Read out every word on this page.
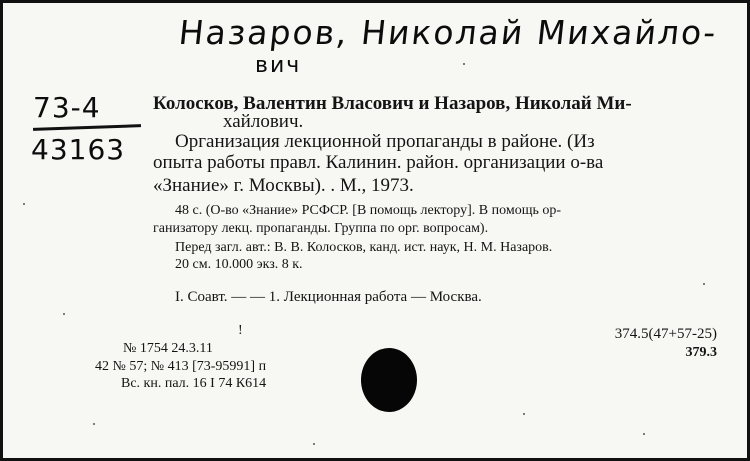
Назаров, Николай Михайло-
вич
73-4
43163
Колосков, Валентин Власович и Назаров, Николай Ми-
хайлович.
Организация лекционной пропаганды в районе. (Из
опыта работы правл. Калинин. район. организации о-ва
«Знание» г. Москвы). . M., 1973.
48 с. (О-во «Знание» РСФСР. [В помощь лектору]. В помощь ор-
ганизатору лекц. пропаганды. Группа по орг. вопросам).
Перед загл. авт.: В. В. Колосков, канд. ист. наук, Н. М. Назаров.
20 см. 10.000 экз. 8 к.
I. Соавт. — — 1. Лекционная работа — Москва.
!
№ 1754 24.3.11
42 № 57; № 413 [73-95991] п
Вс. кн. пал. 16 I 74 К614
374.5(47+57-25)
379.3
